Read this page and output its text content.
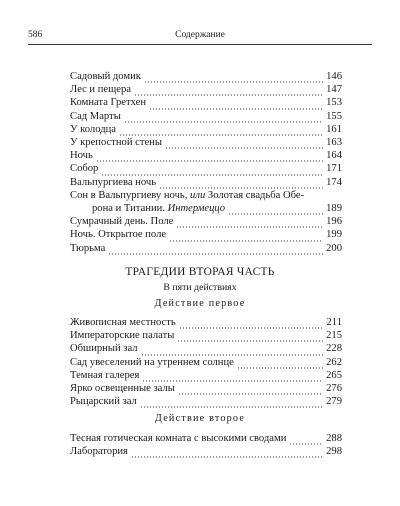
586	Содержание
Садовый домик	146
Лес и пещера	147
Комната Гретхен	153
Сад Марты	155
У колодца	161
У крепостной стены	163
Ночь	164
Собор	171
Вальпургиева ночь	174
Сон в Вальпургиеву ночь, или Золотая свадьба Обе-
рона и Титании. Интермеццо	189
Сумрачный день. Поле	196
Ночь. Открытое поле	199
Тюрьма	200
ТРАГЕДИИ ВТОРАЯ ЧАСТЬ
В пяти действиях
Действие первое
Живописная местность	211
Императорские палаты	215
Обширный зал	228
Сад увеселений на утреннем солнце	262
Темная галерея	265
Ярко освещенные залы	276
Рыцарский зал	279
Действие второе
Тесная готическая комната с высокими сводами	288
Лаборатория	298
